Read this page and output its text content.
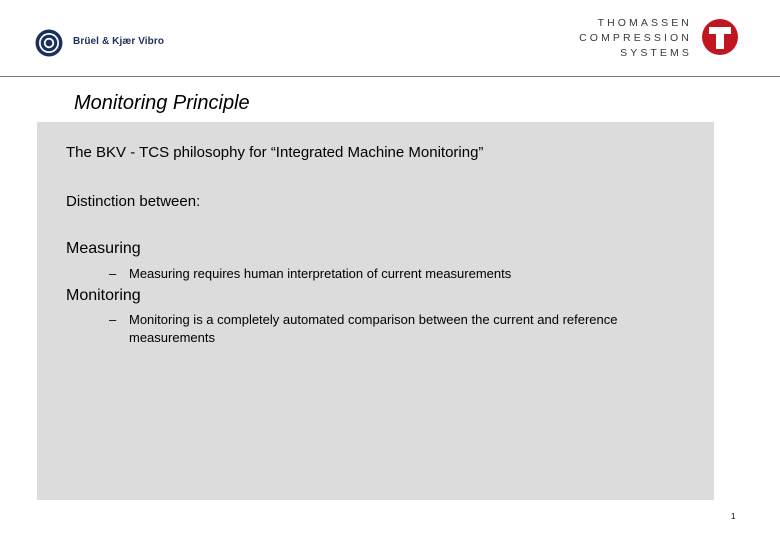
Brüel & Kjær Vibro
THOMASSEN
COMPRESSION
SYSTEMS
Monitoring Principle
The BKV - TCS philosophy for “Integrated Machine Monitoring”
Distinction between:
Measuring
– Measuring requires human interpretation of current measurements
Monitoring
– Monitoring is a completely automated comparison between the current and reference measurements
1
